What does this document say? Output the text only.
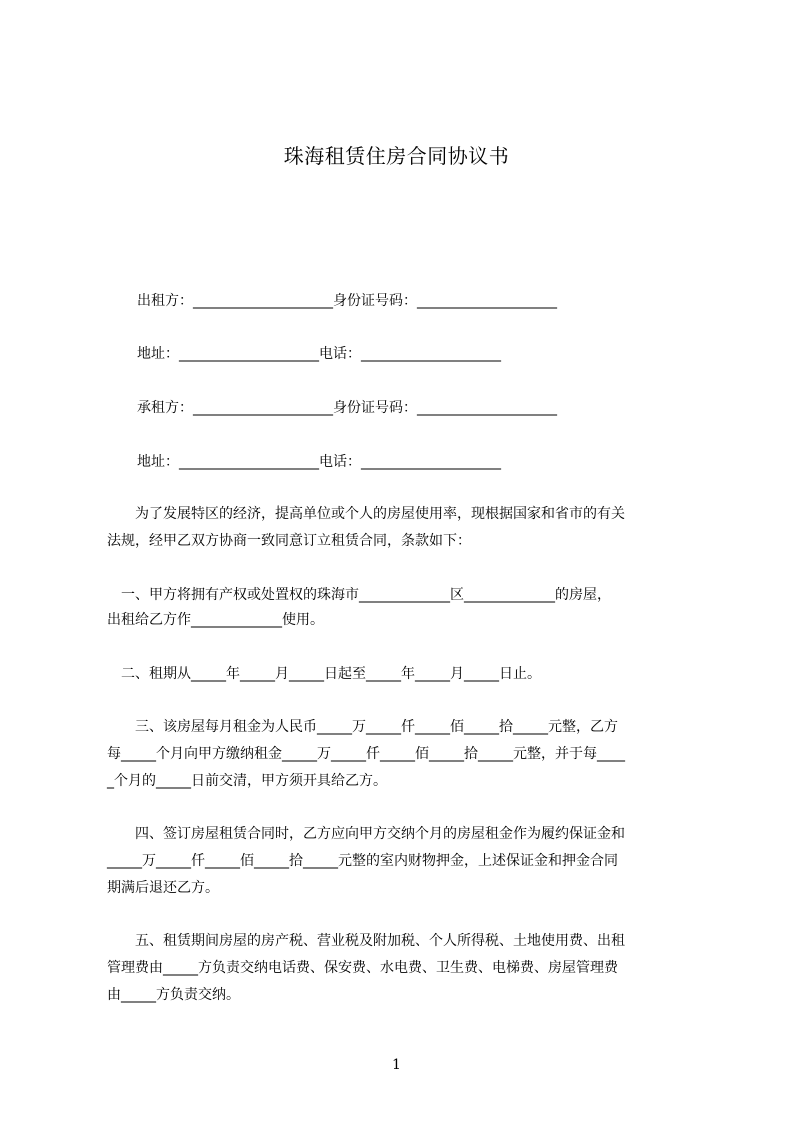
珠海租赁住房合同协议书
出租方：____________________身份证号码：____________________
地址：____________________电话：____________________
承租方：____________________身份证号码：____________________
地址：____________________电话：____________________
　　为了发展特区的经济，提高单位或个人的房屋使用率，现根据国家和省市的有关
法规，经甲乙双方协商一致同意订立租赁合同，条款如下：
　一、甲方将拥有产权或处置权的珠海市_____________区_____________的房屋，
出租给乙方作_____________使用。
　二、租期从_____年_____月_____日起至_____年_____月_____日止。
　　三、该房屋每月租金为人民币_____万_____仟_____佰_____拾_____元整，乙方
每_____个月向甲方缴纳租金_____万_____仟_____佰_____拾_____元整，并于每____
_个月的_____日前交清，甲方须开具给乙方。
　　四、签订房屋租赁合同时，乙方应向甲方交纳个月的房屋租金作为履约保证金和
_____万_____仟_____佰_____拾_____元整的室内财物押金，上述保证金和押金合同
期满后退还乙方。
　　五、租赁期间房屋的房产税、营业税及附加税、个人所得税、土地使用费、出租
管理费由_____方负责交纳电话费、保安费、水电费、卫生费、电梯费、房屋管理费
由_____方负责交纳。
1
